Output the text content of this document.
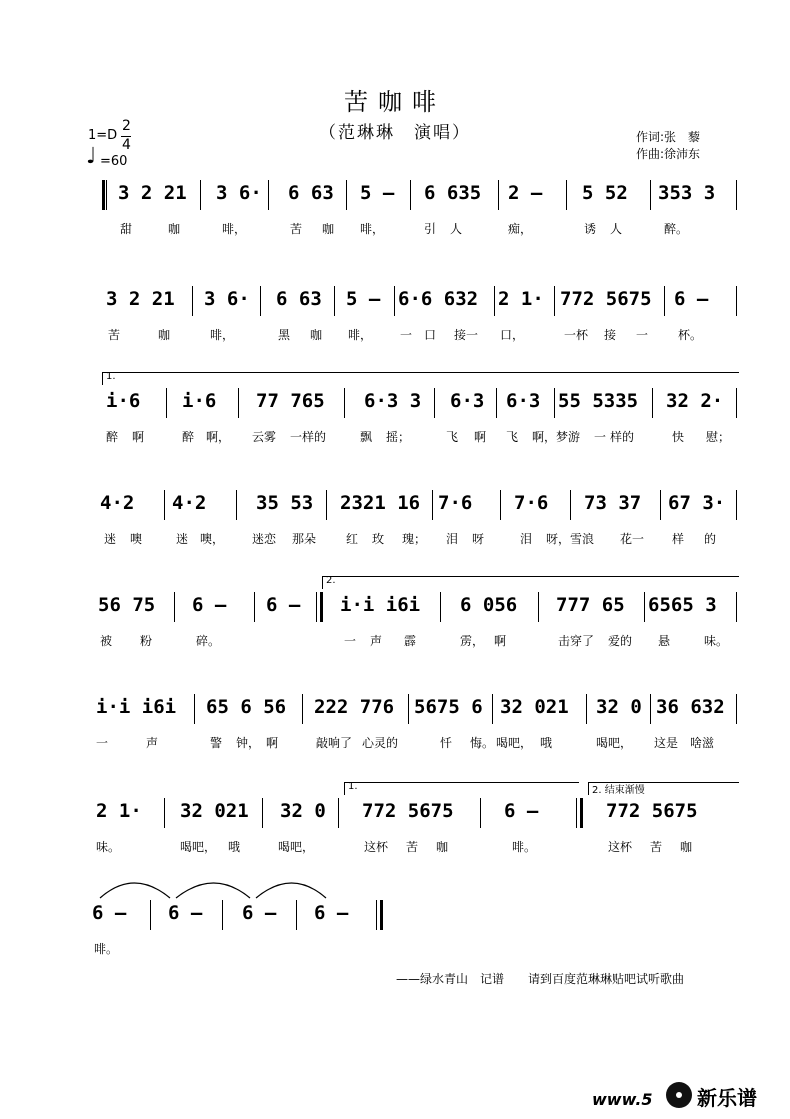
苦咖啡
（范琳琳　演唱）	作词:张　藜
作曲:徐沛东
1=D
2
4
♩ =60
3 2 21 3 6· 6 63 5 – 6 635 2 – 5 52 353 3
甜	咖	啡，	苦 咖 啡，	引 人	痴，	诱 人	醉。
3 2 21 3 6· 6 63 5 – 6·6 632 2 1· 772 5675 6 –
苦	咖	啡，	黑 咖 啡， 一 口 接一 口，	一杯 接 一 杯。
1.
i·6 i·6 77 765 6·3 3 6·3 6·3 55 5335 32 2·
醉 啊	醉 啊， 云雾 一样的	飘 摇；	飞 啊 飞 啊，梦游 一 样的	快 慰；
4·2 4·2	35 53 2321 16 7·6 7·6 73 37 67 3·
迷 噢	迷 噢， 迷恋 那朵 红 玫 瑰； 泪 呀	泪 呀， 雪浪 花一 样 的
2.
56 75 6 – 6 – i·i i6i 6 056 777 65 6565 3
被 粉	碎。	一 声 霹	雳， 啊	击穿了 爱的 悬	味。
i·i i6i 65 6 56 222 776 5675 6 32 021 32 0 36 632
一	声	警 钟， 啊	敲响了 心灵的	忏 悔。 喝吧， 哦	喝吧， 这是 啥滋
1.	2. 结束渐慢
2 1· 32 021 32 0 772 5675	6 –	772 5675
味。	喝吧， 哦	喝吧，	这杯 苦 咖	啡。	这杯 苦 咖
6 – 6 – 6 – 6 –
啡。
——绿水青山　记谱　　请到百度范琳琳贴吧试听歌曲
www.5 新乐谱
